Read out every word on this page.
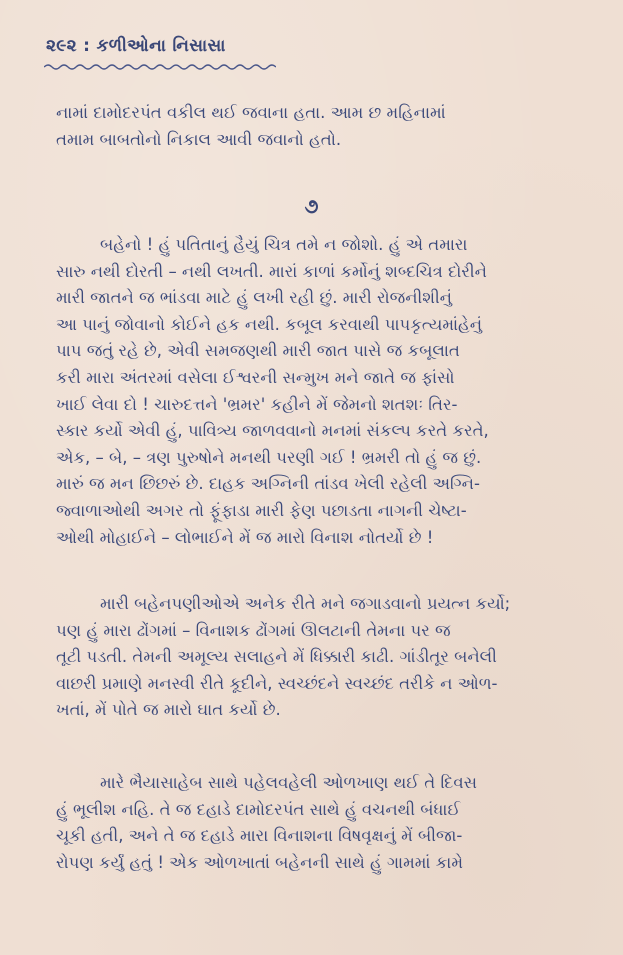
૨૯૨ : કળીઓના નિસાસા
નામાં દામોદરપંત વકીલ થઈ જવાના હતા. આમ છ મહિનામાં
તમામ બાબતોનો નિકાલ આવી જવાનો હતો.
૭
બહેનો ! હું પતિતાનું હૈયું ચિત્ર તમે ન જોશો. હું એ તમારા
સારુ નથી દોરતી – નથી લખતી. મારાં કાળાં કર્મોનું શબ્દચિત્ર દોરીને
મારી જાતને જ ભાંડવા માટે હું લખી રહી છું. મારી રોજનીશીનું
આ પાનું જોવાનો કોઈને હક નથી. કબૂલ કરવાથી પાપકૃત્યમાંહેનું
પાપ જતું રહે છે, એવી સમજણથી મારી જાત પાસે જ કબૂલાત
કરી મારા અંતરમાં વસેલા ઈશ્વરની સન્મુખ મને જાતે જ ફાંસો
ખાઈ લેવા દો ! ચારુદત્તને 'ભ્રમર' કહીને મેં જેમનો શતશઃ તિર-
સ્કાર કર્યો એવી હું, પાવિત્ર્ય જાળવવાનો મનમાં સંકલ્પ કરતે કરતે,
એક, – બે, – ત્રણ પુરુષોને મનથી પરણી ગઈ ! ભ્રમરી તો હું જ છું.
મારું જ મન છિછરું છે. દાહક અગ્નિની તાંડવ ખેલી રહેલી અગ્નિ-
જ્વાળાઓથી અગર તો ફૂંફાડા મારી ફેણ પછાડતા નાગની ચેષ્ટા-
ઓથી મોહાઈને – લોભાઈને મેં જ મારો વિનાશ નોતર્યો છે !
મારી બહેનપણીઓએ અનેક રીતે મને જગાડવાનો પ્રયત્ન કર્યો;
પણ હું મારા ઢોંગમાં – વિનાશક ઢોંગમાં ઊલટાની તેમના પર જ
તૂટી પડતી. તેમની અમૂલ્ય સલાહને મેં ધિક્કારી કાઢી. ગાંડીતૂર બનેલી
વાછરી પ્રમાણે મનસ્વી રીતે કૂદીને, સ્વચ્છંદને સ્વચ્છંદ તરીકે ન ઓળ-
ખતાં, મેં પોતે જ મારો ઘાત કર્યો છે.
મારે ભૈયાસાહેબ સાથે પહેલવહેલી ઓળખાણ થઈ તે દિવસ
હું ભૂલીશ નહિ. તે જ દહાડે દામોદરપંત સાથે હું વચનથી બંધાઈ
ચૂકી હતી, અને તે જ દહાડે મારા વિનાશના વિષવૃક્ષનું મેં બીજા-
રોપણ કર્યું હતું ! એક ઓળખાતાં બહેનની સાથે હું ગામમાં કામે
